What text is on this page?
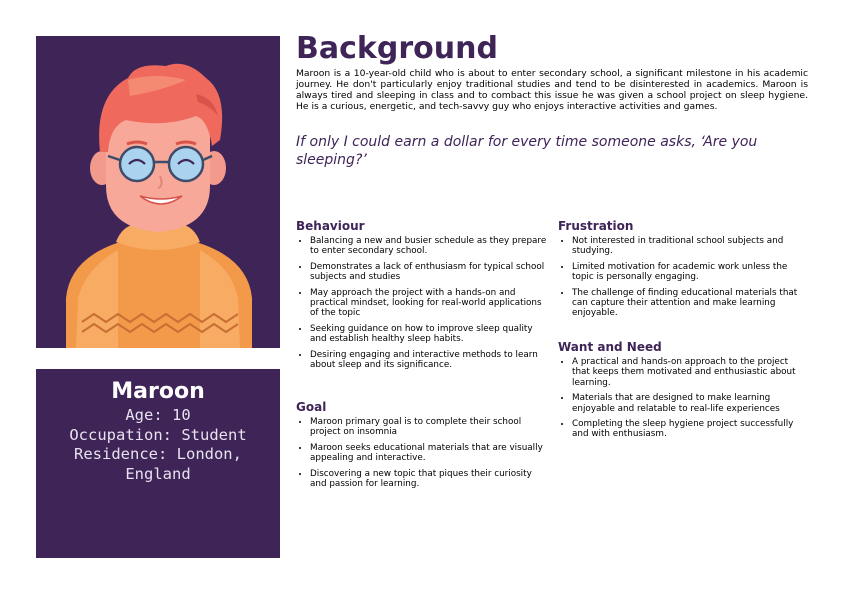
Maroon
Age: 10
Occupation: Student
Residence: London, England
Background

Maroon is a 10-year-old child who is about to enter secondary school, a significant milestone in his academic journey. He don't particularly enjoy traditional studies and tend to be disinterested in academics. Maroon is always tired and sleeping in class and to combact this issue he was given a school project on sleep hygiene. He is a curious, energetic, and tech-savvy guy who enjoys interactive activities and games.

If only I could earn a dollar for every time someone asks, ‘Are you sleeping?’

Behaviour
• Balancing a new and busier schedule as they prepare to enter secondary school.
• Demonstrates a lack of enthusiasm for typical school subjects and studies
• May approach the project with a hands-on and practical mindset, looking for real-world applications of the topic
• Seeking guidance on how to improve sleep quality and establish healthy sleep habits.
• Desiring engaging and interactive methods to learn about sleep and its significance.
Goal
• Maroon primary goal is to complete their school project on insomnia
• Maroon seeks educational materials that are visually appealing and interactive.
• Discovering a new topic that piques their curiosity and passion for learning.
Frustration
• Not interested in traditional school subjects and studying.
• Limited motivation for academic work unless the topic is personally engaging.
• The challenge of finding educational materials that can capture their attention and make learning enjoyable.
Want and Need
• A practical and hands-on approach to the project that keeps them motivated and enthusiastic about learning.
• Materials that are designed to make learning enjoyable and relatable to real-life experiences
• Completing the sleep hygiene project successfully and with enthusiasm.
